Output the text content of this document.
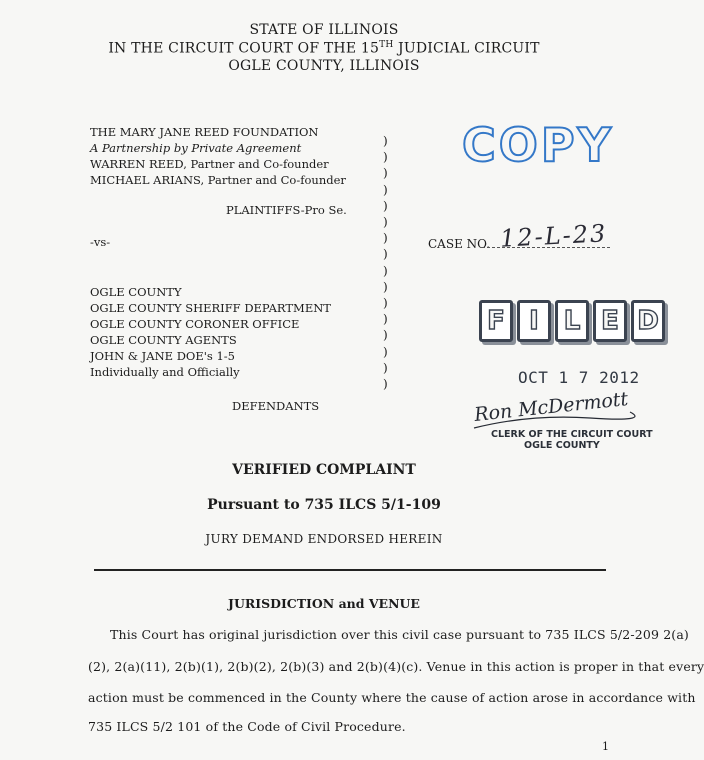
STATE OF ILLINOIS
IN THE CIRCUIT COURT OF THE 15TH JUDICIAL CIRCUIT
OGLE COUNTY, ILLINOIS
THE MARY JANE REED FOUNDATION
A Partnership by Private Agreement
WARREN REED, Partner and Co-founder
MICHAEL ARIANS, Partner and Co-founder
PLAINTIFFS-Pro Se.
-vs-
OGLE COUNTY
OGLE COUNTY SHERIFF DEPARTMENT
OGLE COUNTY CORONER OFFICE
OGLE COUNTY AGENTS
JOHN & JANE DOE's 1-5
Individually and Officially
DEFENDANTS
)
)
)
)
)
)
)
)
)
)
)
)
)
)
)
)
COPY
CASE NO. 12-L-23
F I L E D
OCT 1 7 2012
Ron McDermott
CLERK OF THE CIRCUIT COURT
OGLE COUNTY
VERIFIED COMPLAINT
Pursuant to 735 ILCS 5/1-109
JURY DEMAND ENDORSED HEREIN
JURISDICTION and VENUE
This Court has original jurisdiction over this civil case pursuant to 735 ILCS 5/2-209 2(a)
(2), 2(a)(11), 2(b)(1), 2(b)(2), 2(b)(3) and 2(b)(4)(c). Venue in this action is proper in that every
action must be commenced in the County where the cause of action arose in accordance with
735 ILCS 5/2 101 of the Code of Civil Procedure.
1
